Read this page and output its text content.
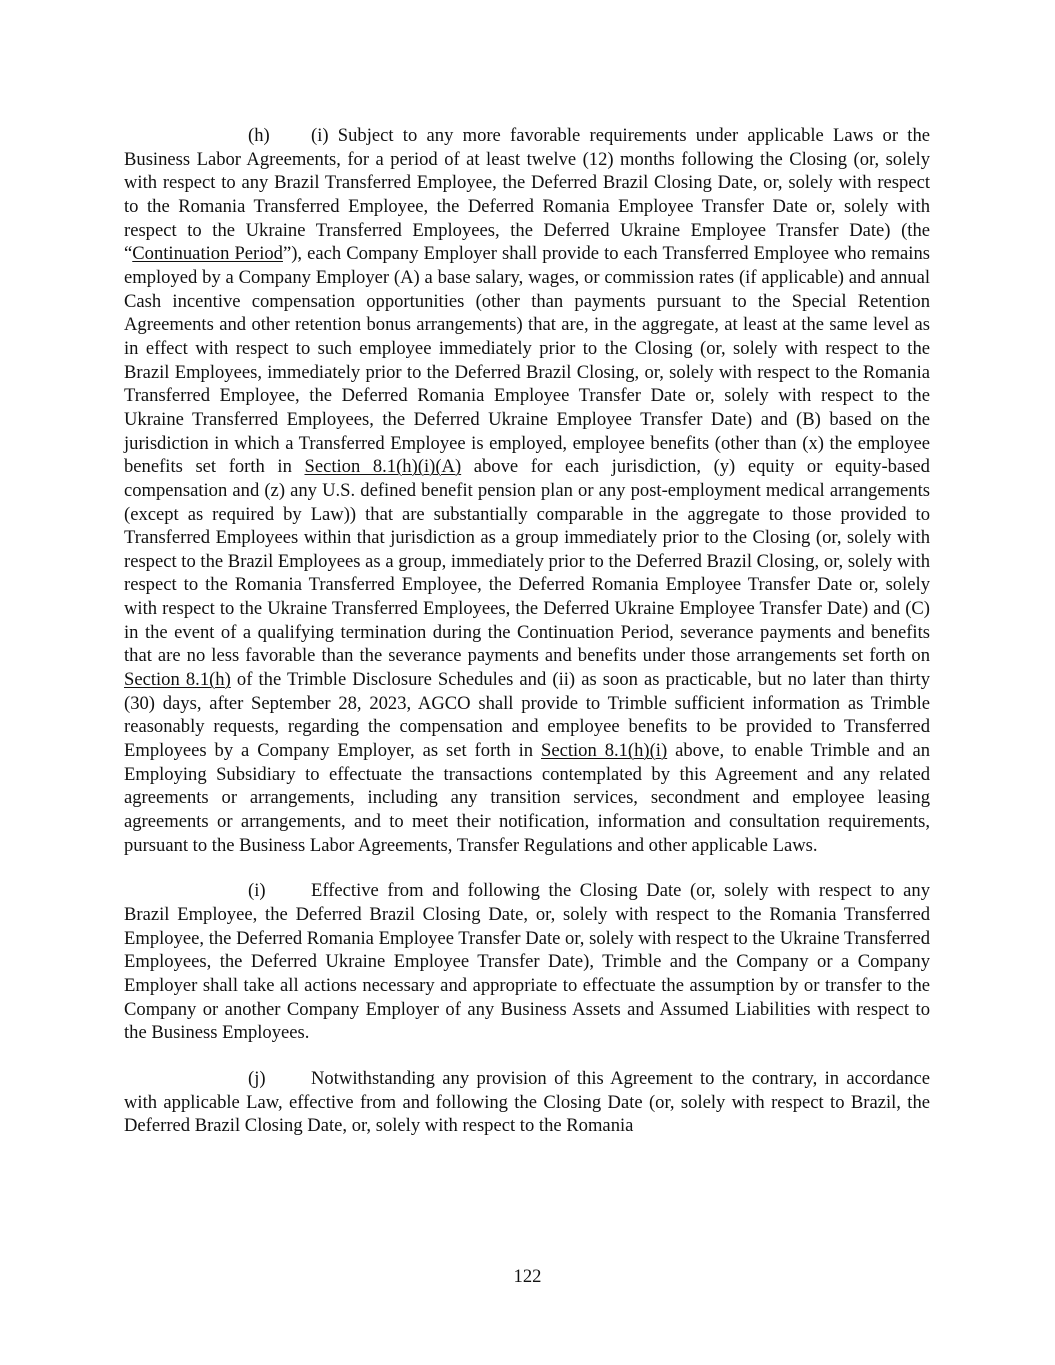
(h) (i) Subject to any more favorable requirements under applicable Laws or the Business Labor Agreements, for a period of at least twelve (12) months following the Closing (or, solely with respect to any Brazil Transferred Employee, the Deferred Brazil Closing Date, or, solely with respect to the Romania Transferred Employee, the Deferred Romania Employee Transfer Date or, solely with respect to the Ukraine Transferred Employees, the Deferred Ukraine Employee Transfer Date) (the “Continuation Period”), each Company Employer shall provide to each Transferred Employee who remains employed by a Company Employer (A) a base salary, wages, or commission rates (if applicable) and annual Cash incentive compensation opportunities (other than payments pursuant to the Special Retention Agreements and other retention bonus arrangements) that are, in the aggregate, at least at the same level as in effect with respect to such employee immediately prior to the Closing (or, solely with respect to the Brazil Employees, immediately prior to the Deferred Brazil Closing, or, solely with respect to the Romania Transferred Employee, the Deferred Romania Employee Transfer Date or, solely with respect to the Ukraine Transferred Employees, the Deferred Ukraine Employee Transfer Date) and (B) based on the jurisdiction in which a Transferred Employee is employed, employee benefits (other than (x) the employee benefits set forth in Section 8.1(h)(i)(A) above for each jurisdiction, (y) equity or equity-based compensation and (z) any U.S. defined benefit pension plan or any post-employment medical arrangements (except as required by Law)) that are substantially comparable in the aggregate to those provided to Transferred Employees within that jurisdiction as a group immediately prior to the Closing (or, solely with respect to the Brazil Employees as a group, immediately prior to the Deferred Brazil Closing, or, solely with respect to the Romania Transferred Employee, the Deferred Romania Employee Transfer Date or, solely with respect to the Ukraine Transferred Employees, the Deferred Ukraine Employee Transfer Date) and (C) in the event of a qualifying termination during the Continuation Period, severance payments and benefits that are no less favorable than the severance payments and benefits under those arrangements set forth on Section 8.1(h) of the Trimble Disclosure Schedules and (ii) as soon as practicable, but no later than thirty (30) days, after September 28, 2023, AGCO shall provide to Trimble sufficient information as Trimble reasonably requests, regarding the compensation and employee benefits to be provided to Transferred Employees by a Company Employer, as set forth in Section 8.1(h)(i) above, to enable Trimble and an Employing Subsidiary to effectuate the transactions contemplated by this Agreement and any related agreements or arrangements, including any transition services, secondment and employee leasing agreements or arrangements, and to meet their notification, information and consultation requirements, pursuant to the Business Labor Agreements, Transfer Regulations and other applicable Laws.

(i) Effective from and following the Closing Date (or, solely with respect to any Brazil Employee, the Deferred Brazil Closing Date, or, solely with respect to the Romania Transferred Employee, the Deferred Romania Employee Transfer Date or, solely with respect to the Ukraine Transferred Employees, the Deferred Ukraine Employee Transfer Date), Trimble and the Company or a Company Employer shall take all actions necessary and appropriate to effectuate the assumption by or transfer to the Company or another Company Employer of any Business Assets and Assumed Liabilities with respect to the Business Employees.

(j) Notwithstanding any provision of this Agreement to the contrary, in accordance with applicable Law, effective from and following the Closing Date (or, solely with respect to Brazil, the Deferred Brazil Closing Date, or, solely with respect to the Romania

122
